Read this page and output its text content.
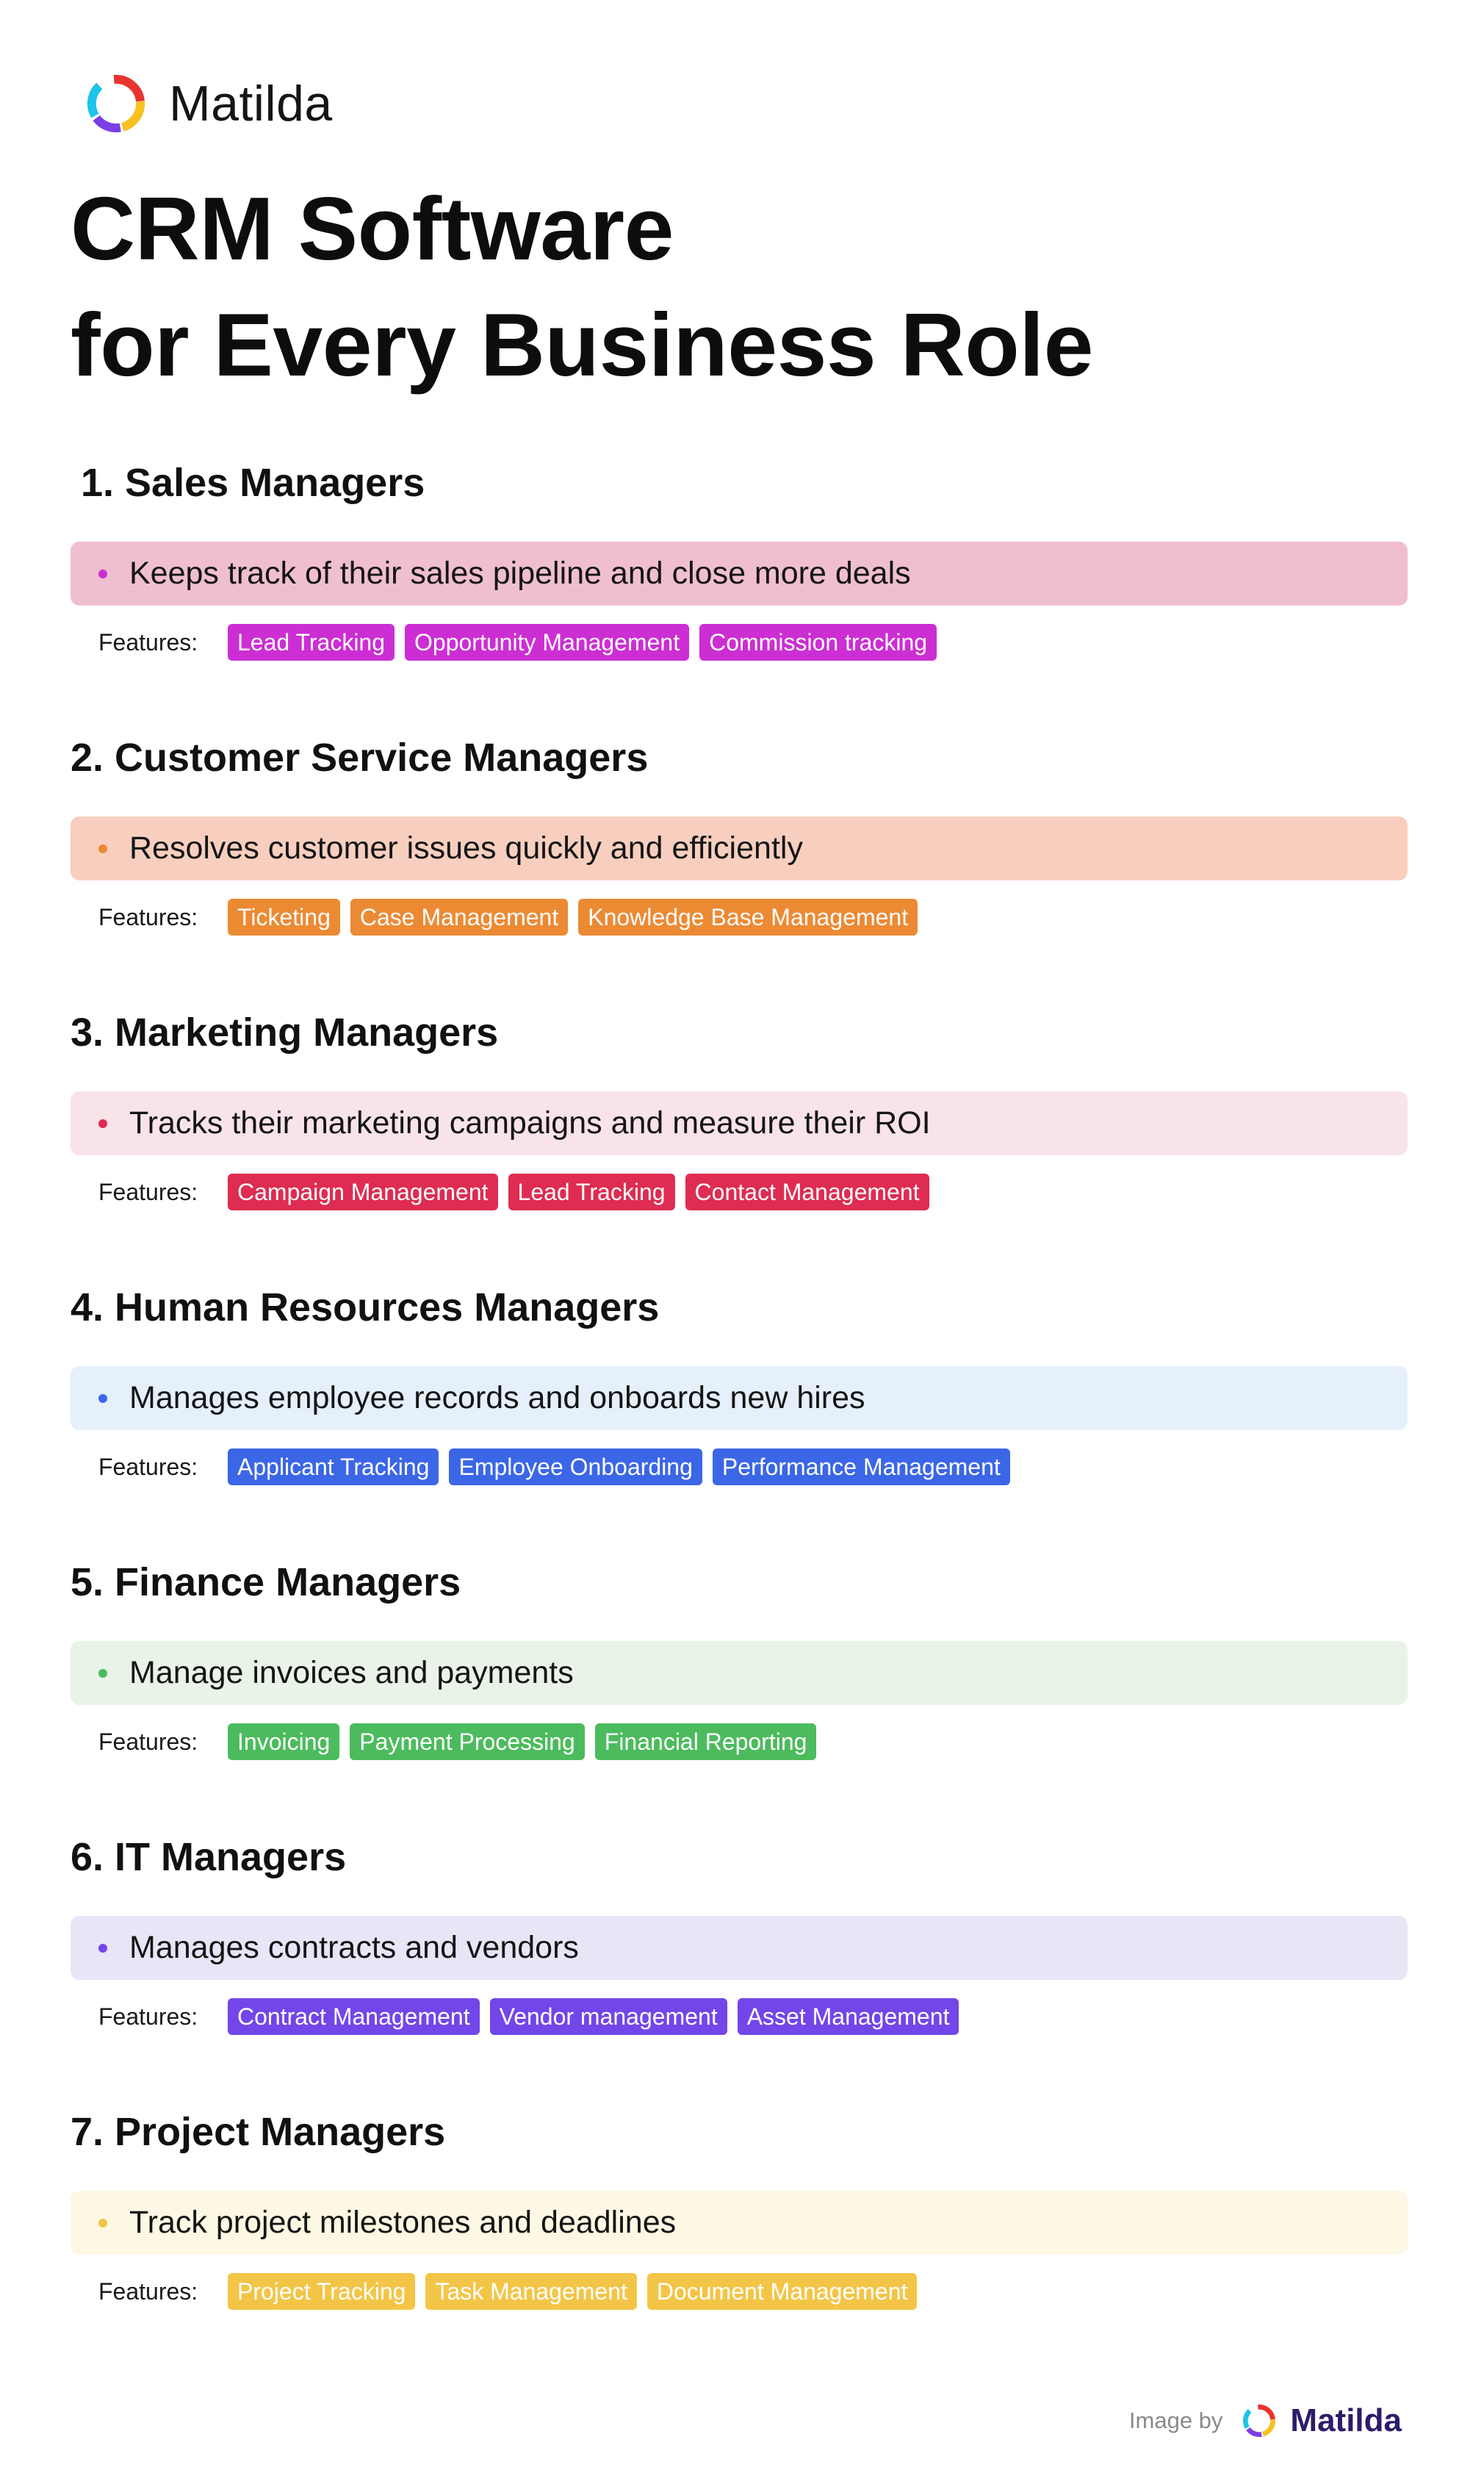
Matilda
CRM Software
for Every Business Role
1. Sales Managers
Keeps track of their sales pipeline and close more deals
Features:	Lead Tracking	Opportunity Management	Commission tracking
2. Customer Service Managers
Resolves customer issues quickly and efficiently
Features:	Ticketing	Case Management	Knowledge Base Management
3. Marketing Managers
Tracks their marketing campaigns and measure their ROI
Features:	Campaign Management	Lead Tracking	Contact Management
4. Human Resources Managers
Manages employee records and onboards new hires
Features:	Applicant Tracking	Employee Onboarding	Performance Management
5. Finance Managers
Manage invoices and payments
Features:	Invoicing	Payment Processing	Financial Reporting
6. IT Managers
Manages contracts and vendors
Features:	Contract Management	Vendor management	Asset Management
7. Project Managers
Track project milestones and deadlines
Features:	Project Tracking	Task Management	Document Management
Image by Matilda
